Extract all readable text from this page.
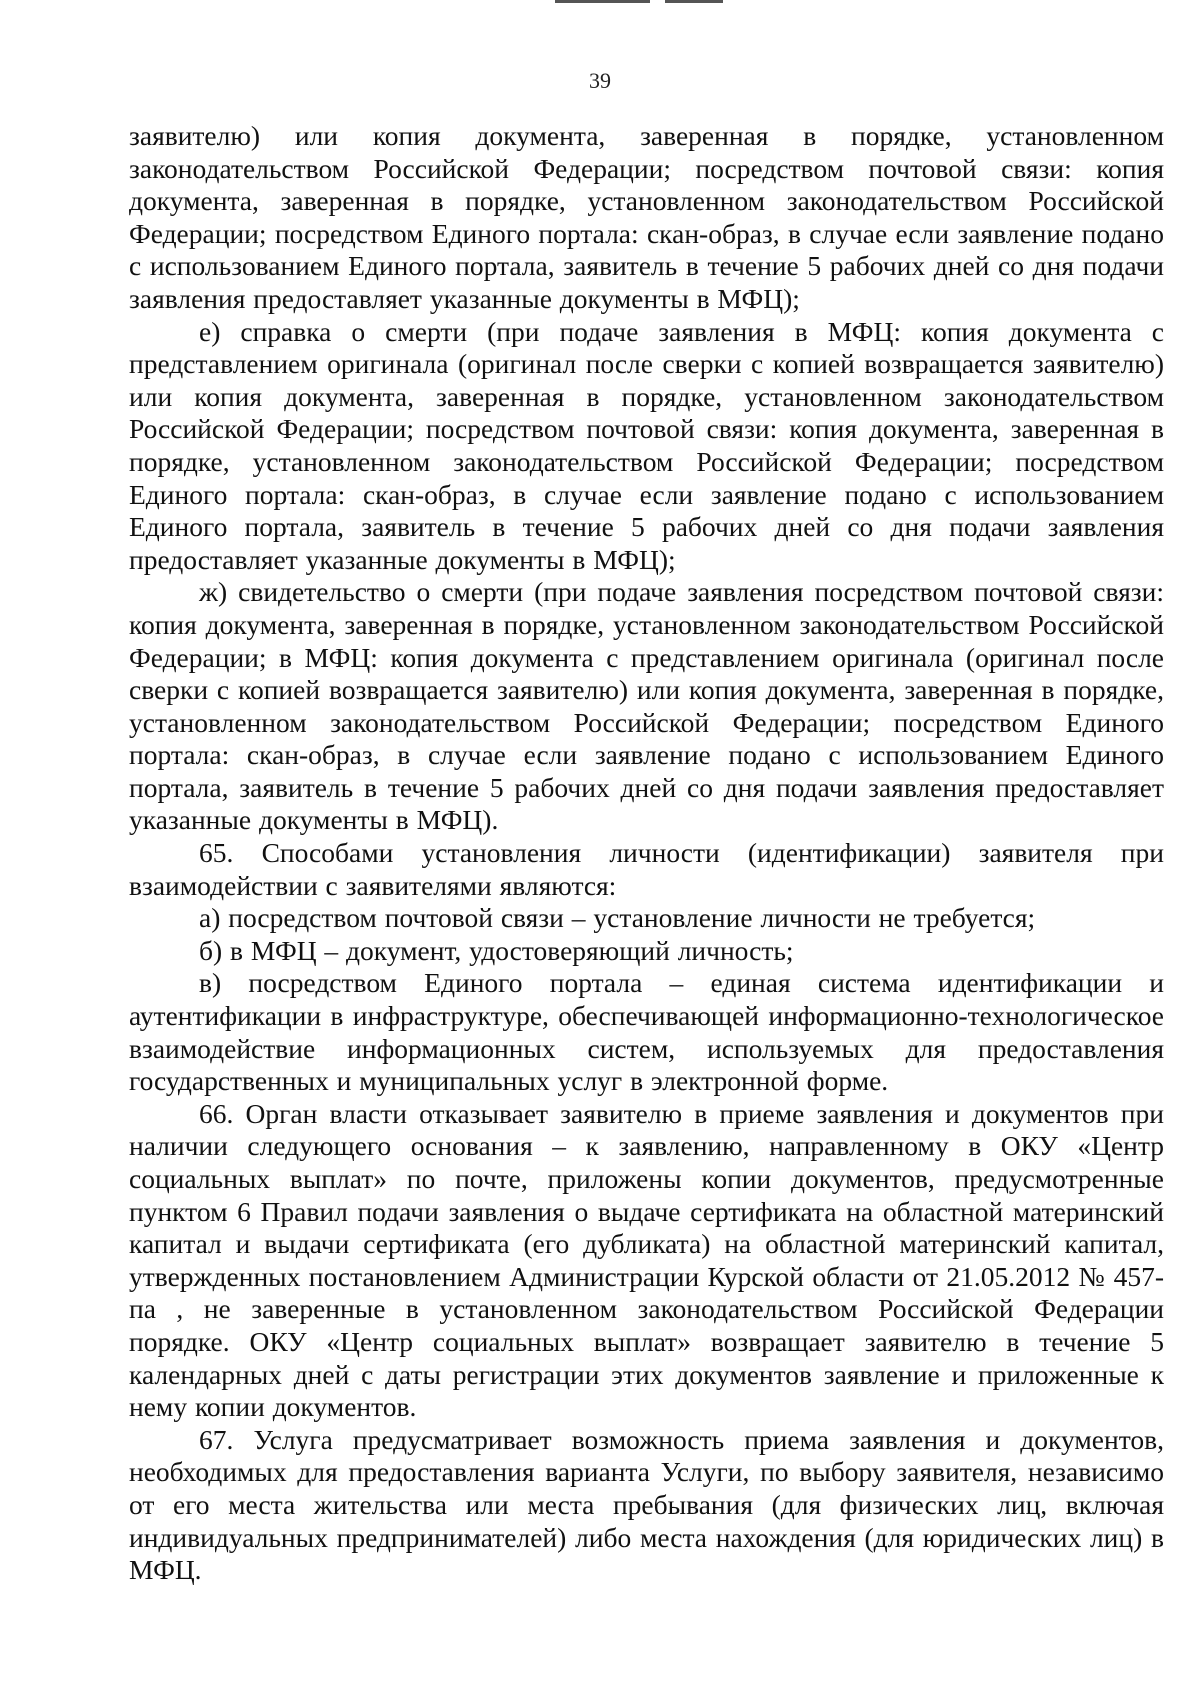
39

заявителю) или копия документа, заверенная в порядке, установленном законодательством Российской Федерации; посредством почтовой связи: копия документа, заверенная в порядке, установленном законодательством Российской Федерации; посредством Единого портала: скан-образ, в случае если заявление подано с использованием Единого портала, заявитель в течение 5 рабочих дней со дня подачи заявления предоставляет указанные документы в МФЦ);

е) справка о смерти (при подаче заявления в МФЦ: копия документа с представлением оригинала (оригинал после сверки с копией возвращается заявителю) или копия документа, заверенная в порядке, установленном законодательством Российской Федерации; посредством почтовой связи: копия документа, заверенная в порядке, установленном законодательством Российской Федерации; посредством Единого портала: скан-образ, в случае если заявление подано с использованием Единого портала, заявитель в течение 5 рабочих дней со дня подачи заявления предоставляет указанные документы в МФЦ);

ж) свидетельство о смерти (при подаче заявления посредством почтовой связи: копия документа, заверенная в порядке, установленном законодательством Российской Федерации; в МФЦ: копия документа с представлением оригинала (оригинал после сверки с копией возвращается заявителю) или копия документа, заверенная в порядке, установленном законодательством Российской Федерации; посредством Единого портала: скан-образ, в случае если заявление подано с использованием Единого портала, заявитель в течение 5 рабочих дней со дня подачи заявления предоставляет указанные документы в МФЦ).

65. Способами установления личности (идентификации) заявителя при взаимодействии с заявителями являются:

а) посредством почтовой связи – установление личности не требуется;

б) в МФЦ – документ, удостоверяющий личность;

в) посредством Единого портала – единая система идентификации и аутентификации в инфраструктуре, обеспечивающей информационно-технологическое взаимодействие информационных систем, используемых для предоставления государственных и муниципальных услуг в электронной форме.

66. Орган власти отказывает заявителю в приеме заявления и документов при наличии следующего основания – к заявлению, направленному в ОКУ «Центр социальных выплат» по почте, приложены копии документов, предусмотренные пунктом 6 Правил подачи заявления о выдаче сертификата на областной материнский капитал и выдачи сертификата (его дубликата) на областной материнский капитал, утвержденных постановлением Администрации Курской области от 21.05.2012 № 457-па , не заверенные в установленном законодательством Российской Федерации порядке. ОКУ «Центр социальных выплат» возвращает заявителю в течение 5 календарных дней с даты регистрации этих документов заявление и приложенные к нему копии документов.

67. Услуга предусматривает возможность приема заявления и документов, необходимых для предоставления варианта Услуги, по выбору заявителя, независимо от его места жительства или места пребывания (для физических лиц, включая индивидуальных предпринимателей) либо места нахождения (для юридических лиц) в МФЦ.
